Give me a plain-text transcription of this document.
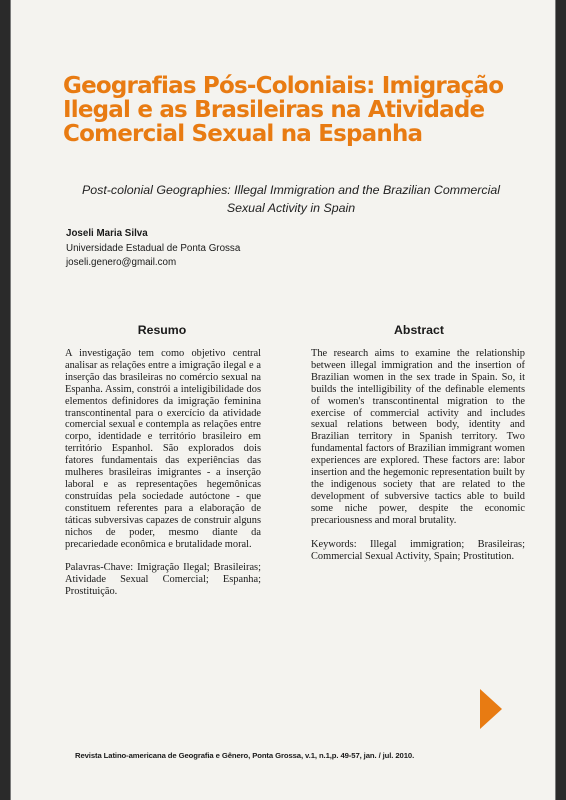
Geografias Pós-Coloniais: Imigração
Ilegal e as Brasileiras na Atividade
Comercial Sexual na Espanha

Post-colonial Geographies: Illegal Immigration and the Brazilian Commercial
Sexual Activity in Spain

Joseli Maria Silva
Universidade Estadual de Ponta Grossa
joseli.genero@gmail.com
Resumo	Abstract

A investigação tem como objetivo central analisar as relações entre a imigração ilegal e a inserção das brasileiras no comércio sexual na Espanha. Assim, constrói a inteligibilidade dos elementos definidores da imigração feminina transcontinental para o exercício da atividade comercial sexual e contempla as relações entre corpo, identidade e território brasileiro em território Espanhol. São explorados dois fatores fundamentais das experiências das mulheres brasileiras imigrantes - a inserção laboral e as representações hegemônicas construídas pela sociedade autóctone - que constituem referentes para a elaboração de táticas subversivas capazes de construir alguns nichos de poder, mesmo diante da precariedade econômica e brutalidade moral.

Palavras-Chave: Imigração Ilegal; Brasileiras; Atividade Sexual Comercial; Espanha; Prostituição.

The research aims to examine the relationship between illegal immigration and the insertion of Brazilian women in the sex trade in Spain. So, it builds the intelligibility of the definable elements of women's transcontinental migration to the exercise of commercial activity and includes sexual relations between body, identity and Brazilian territory in Spanish territory. Two fundamental factors of Brazilian immigrant women experiences are explored. These factors are: labor insertion and the hegemonic representation built by the indigenous society that are related to the development of subversive tactics able to build some niche power, despite the economic precariousness and moral brutality.

Keywords: Illegal immigration; Brasileiras; Commercial Sexual Activity, Spain; Prostitution.

Revista Latino-americana de Geografia e Gênero, Ponta Grossa, v.1, n.1,p. 49-57, jan. / jul. 2010.
